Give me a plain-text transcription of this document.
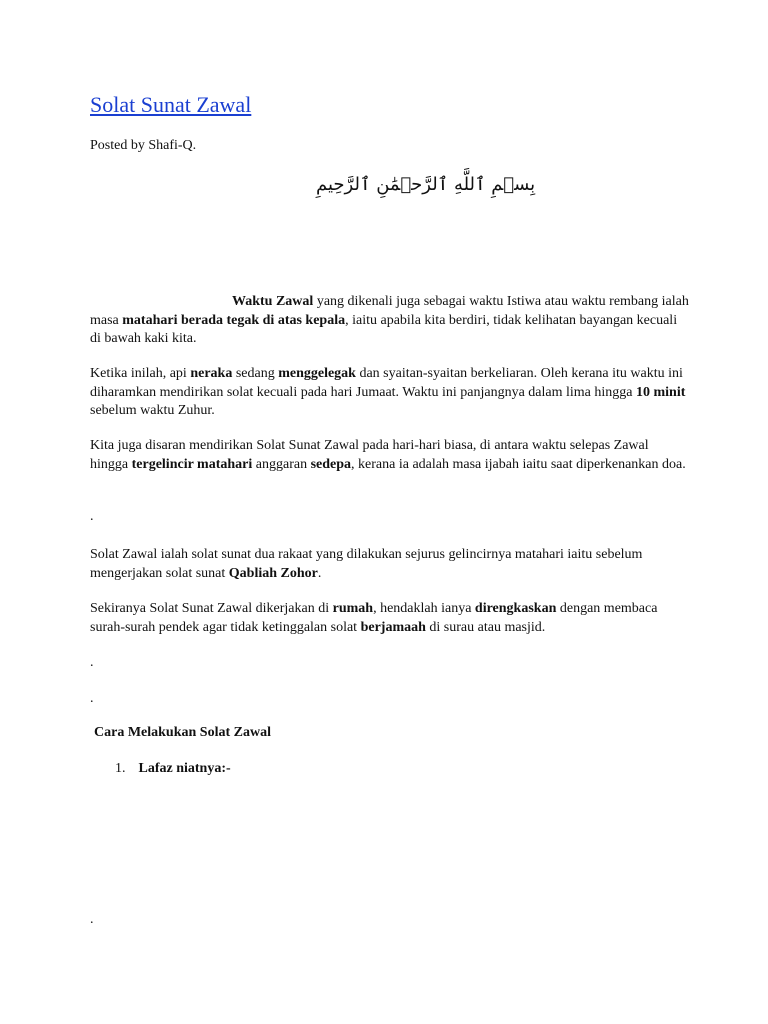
Solat Sunat Zawal
Posted by Shafi-Q.
بِسۡمِ ٱللَّهِ ٱلرَّحۡمَٰنِ ٱلرَّحِيمِ

Waktu Zawal yang dikenali juga sebagai waktu Istiwa atau waktu rembang ialah masa matahari berada tegak di atas kepala, iaitu apabila kita berdiri, tidak kelihatan bayangan kecuali di bawah kaki kita.

Ketika inilah, api neraka sedang menggelegak dan syaitan-syaitan berkeliaran. Oleh kerana itu waktu ini diharamkan mendirikan solat kecuali pada hari Jumaat. Waktu ini panjangnya dalam lima hingga 10 minit sebelum waktu Zuhur.

Kita juga disaran mendirikan Solat Sunat Zawal pada hari-hari biasa, di antara waktu selepas Zawal hingga tergelincir matahari anggaran sedepa, kerana ia adalah masa ijabah iaitu saat diperkenankan doa.

.

Solat Zawal ialah solat sunat dua rakaat yang dilakukan sejurus gelincirnya matahari iaitu sebelum mengerjakan solat sunat Qabliah Zohor.

Sekiranya Solat Sunat Zawal dikerjakan di rumah, hendaklah ianya direngkaskan dengan membaca surah-surah pendek agar tidak ketinggalan solat berjamaah di surau atau masjid.

.
.
Cara Melakukan Solat Zawal
1. Lafaz niatnya:-
.
